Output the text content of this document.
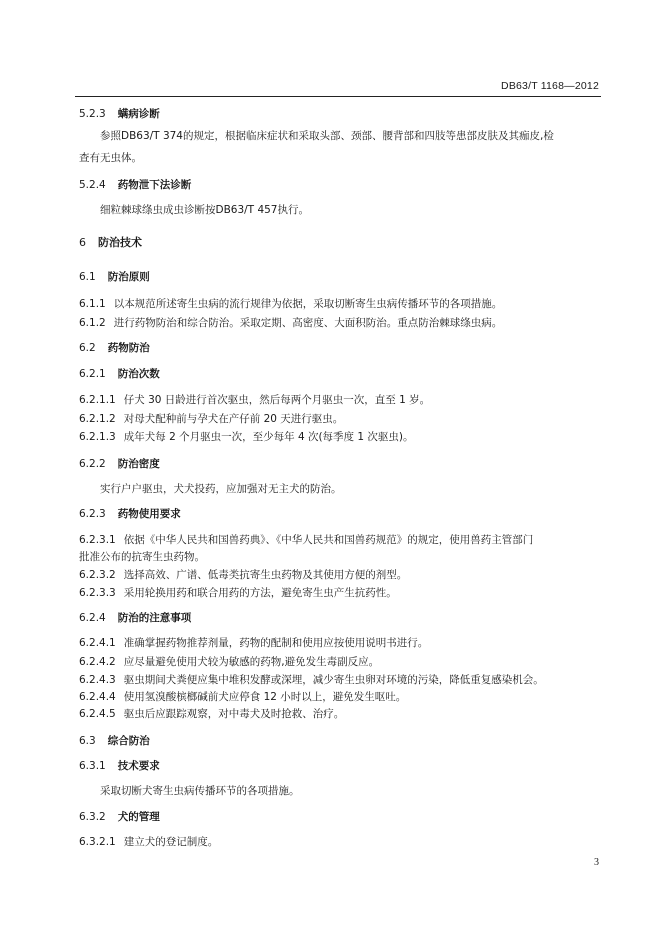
DB63/T 1168—2012
5.2.3 螨病诊断
参照DB63/T 374的规定，根据临床症状和采取头部、颈部、腰背部和四肢等患部皮肤及其痂皮,检
查有无虫体。
5.2.4 药物泄下法诊断
细粒棘球绦虫成虫诊断按DB63/T 457执行。
6 防治技术
6.1 防治原则
6.1.1 以本规范所述寄生虫病的流行规律为依据，采取切断寄生虫病传播环节的各项措施。
6.1.2 进行药物防治和综合防治。采取定期、高密度、大面积防治。重点防治棘球绦虫病。
6.2 药物防治
6.2.1 防治次数
6.2.1.1 仔犬 30 日龄进行首次驱虫，然后每两个月驱虫一次，直至 1 岁。
6.2.1.2 对母犬配种前与孕犬在产仔前 20 天进行驱虫。
6.2.1.3 成年犬每 2 个月驱虫一次，至少每年 4 次(每季度 1 次驱虫)。
6.2.2 防治密度
实行户户驱虫，犬犬投药，应加强对无主犬的防治。
6.2.3 药物使用要求
6.2.3.1 依据《中华人民共和国兽药典》、《中华人民共和国兽药规范》的规定，使用兽药主管部门
批准公布的抗寄生虫药物。
6.2.3.2 选择高效、广谱、低毒类抗寄生虫药物及其使用方便的剂型。
6.2.3.3 采用轮换用药和联合用药的方法，避免寄生虫产生抗药性。
6.2.4 防治的注意事项
6.2.4.1 准确掌握药物推荐剂量，药物的配制和使用应按使用说明书进行。
6.2.4.2 应尽量避免使用犬较为敏感的药物,避免发生毒副反应。
6.2.4.3 驱虫期间犬粪便应集中堆积发酵或深埋，减少寄生虫卵对环境的污染，降低重复感染机会。
6.2.4.4 使用氢溴酸槟榔碱前犬应停食 12 小时以上，避免发生呕吐。
6.2.4.5 驱虫后应跟踪观察，对中毒犬及时抢救、治疗。
6.3 综合防治
6.3.1 技术要求
采取切断犬寄生虫病传播环节的各项措施。
6.3.2 犬的管理
6.3.2.1 建立犬的登记制度。
3
